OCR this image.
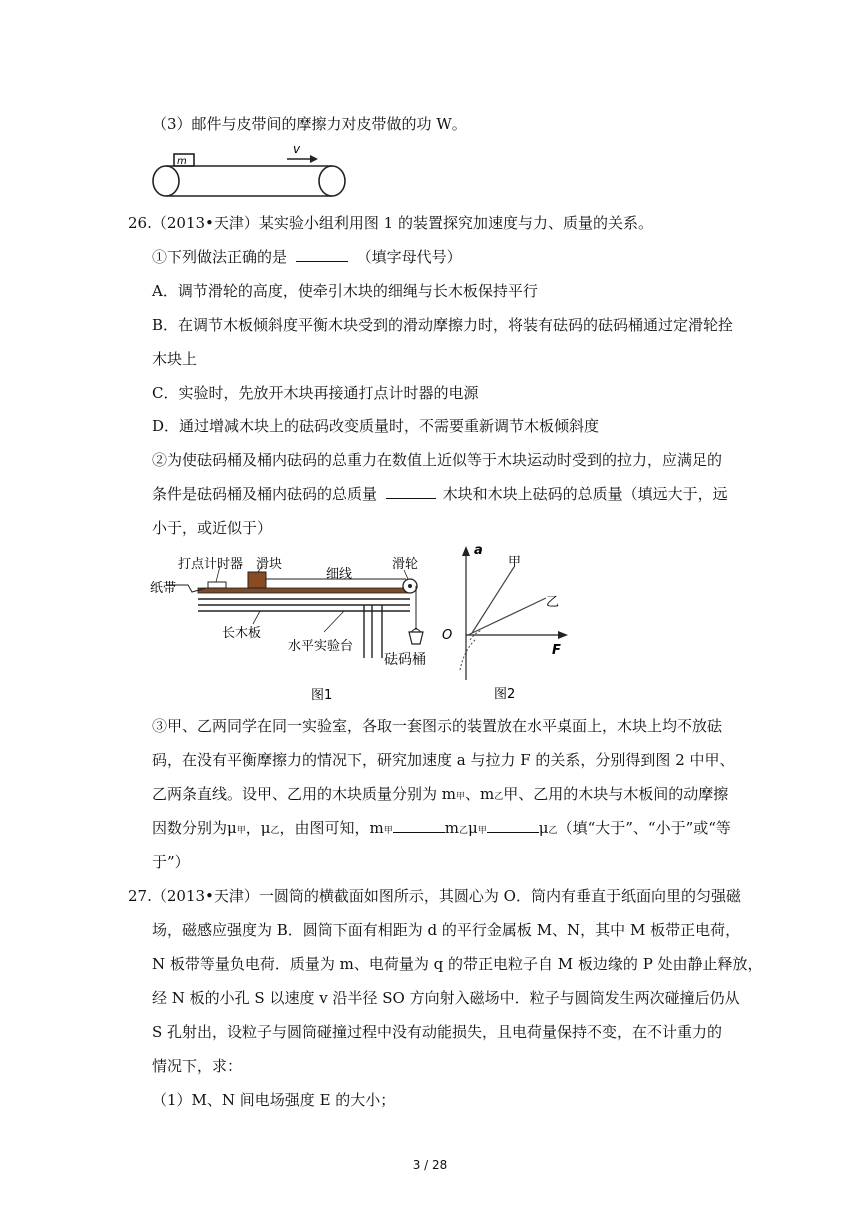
（3）邮件与皮带间的摩擦力对皮带做的功 W。
m
v
26.（2013•天津）某实验小组利用图 1 的装置探究加速度与力、质量的关系。
①下列做法正确的是	（填字母代号）
A．调节滑轮的高度，使牵引木块的细绳与长木板保持平行
B．在调节木板倾斜度平衡木块受到的滑动摩擦力时，将装有砝码的砝码桶通过定滑轮拴
木块上
C．实验时，先放开木块再接通打点计时器的电源
D．通过增减木块上的砝码改变质量时，不需要重新调节木板倾斜度
②为使砝码桶及桶内砝码的总重力在数值上近似等于木块运动时受到的拉力，应满足的
条件是砝码桶及桶内砝码的总质量	木块和木块上砝码的总质量（填远大于，远
小于，或近似于）
打点计时器 滑块
细线
滑轮
纸带
长木板
水平实验台
砝码桶
图1
a
甲
乙
O
F
图2
③甲、乙两同学在同一实验室，各取一套图示的装置放在水平桌面上，木块上均不放砝
码，在没有平衡摩擦力的情况下，研究加速度 a 与拉力 F 的关系，分别得到图 2 中甲、
乙两条直线。设甲、乙用的木块质量分别为 m甲、m乙甲、乙用的木块与木板间的动摩擦
因数分别为μ甲，μ乙，由图可知，m甲	m乙μ甲	μ乙（填“大于”、“小于”或“等
于”）
27.（2013•天津）一圆筒的横截面如图所示，其圆心为 O．筒内有垂直于纸面向里的匀强磁
场，磁感应强度为 B．圆筒下面有相距为 d 的平行金属板 M、N，其中 M 板带正电荷，
N 板带等量负电荷．质量为 m、电荷量为 q 的带正电粒子自 M 板边缘的 P 处由静止释放，
经 N 板的小孔 S 以速度 v 沿半径 SO 方向射入磁场中．粒子与圆筒发生两次碰撞后仍从
S 孔射出，设粒子与圆筒碰撞过程中没有动能损失，且电荷量保持不变，在不计重力的
情况下，求：
（1）M、N 间电场强度 E 的大小；
3 / 28
